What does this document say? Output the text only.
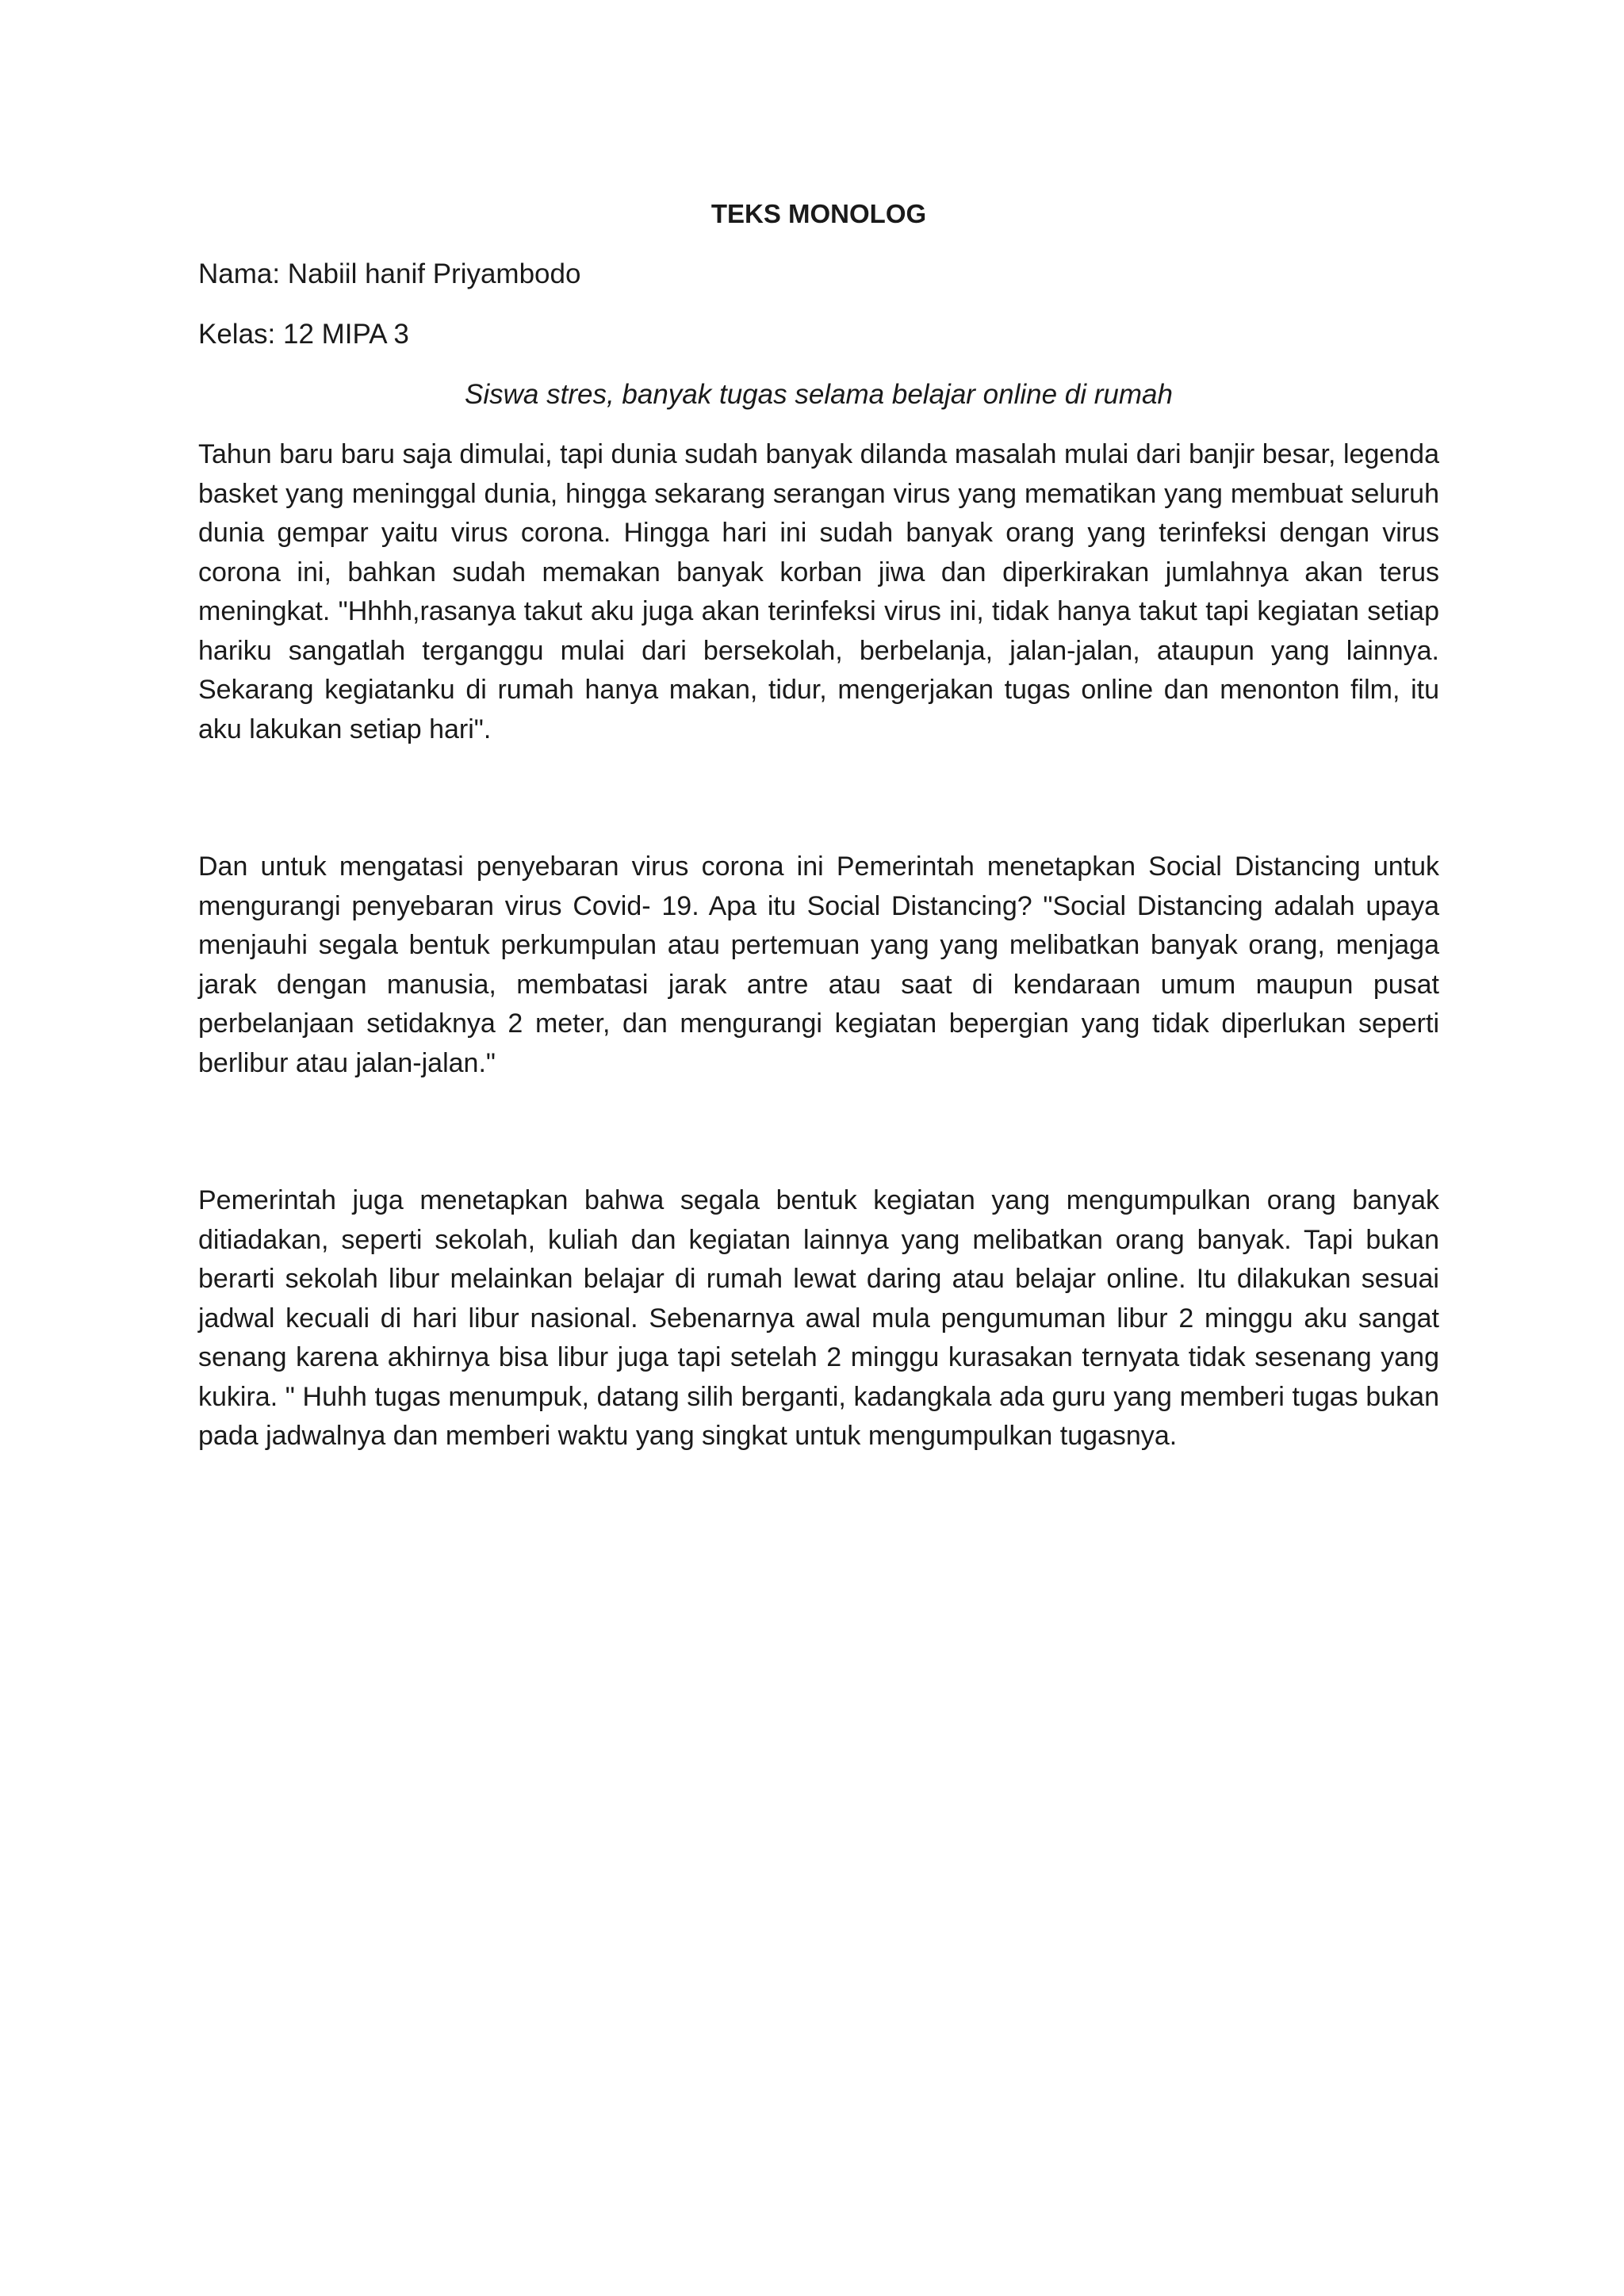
TEKS MONOLOG

Nama: Nabiil hanif Priyambodo

Kelas: 12 MIPA 3

Siswa stres, banyak tugas selama belajar online di rumah

Tahun baru baru saja dimulai, tapi dunia sudah banyak dilanda masalah mulai dari banjir besar, legenda basket yang meninggal dunia, hingga sekarang serangan virus yang mematikan yang membuat seluruh dunia gempar yaitu virus corona. Hingga hari ini sudah banyak orang yang terinfeksi dengan virus corona ini, bahkan sudah memakan banyak korban jiwa dan diperkirakan jumlahnya akan terus meningkat. "Hhhh,rasanya takut aku juga akan terinfeksi virus ini, tidak hanya takut tapi kegiatan setiap hariku sangatlah terganggu mulai dari bersekolah, berbelanja, jalan-jalan, ataupun yang lainnya. Sekarang kegiatanku di rumah hanya makan, tidur, mengerjakan tugas online dan menonton film, itu aku lakukan setiap hari".

Dan untuk mengatasi penyebaran virus corona ini Pemerintah menetapkan Social Distancing untuk mengurangi penyebaran virus Covid- 19. Apa itu Social Distancing? "Social Distancing adalah upaya menjauhi segala bentuk perkumpulan atau pertemuan yang yang melibatkan banyak orang, menjaga jarak dengan manusia, membatasi jarak antre atau saat di kendaraan umum maupun pusat perbelanjaan setidaknya 2 meter, dan mengurangi kegiatan bepergian yang tidak diperlukan seperti berlibur atau jalan-jalan."

Pemerintah juga menetapkan bahwa segala bentuk kegiatan yang mengumpulkan orang banyak ditiadakan, seperti sekolah, kuliah dan kegiatan lainnya yang melibatkan orang banyak. Tapi bukan berarti sekolah libur melainkan belajar di rumah lewat daring atau belajar online. Itu dilakukan sesuai jadwal kecuali di hari libur nasional. Sebenarnya awal mula pengumuman libur 2 minggu aku sangat senang karena akhirnya bisa libur juga tapi setelah 2 minggu kurasakan ternyata tidak sesenang yang kukira. " Huhh tugas menumpuk, datang silih berganti, kadangkala ada guru yang memberi tugas bukan pada jadwalnya dan memberi waktu yang singkat untuk mengumpulkan tugasnya.
